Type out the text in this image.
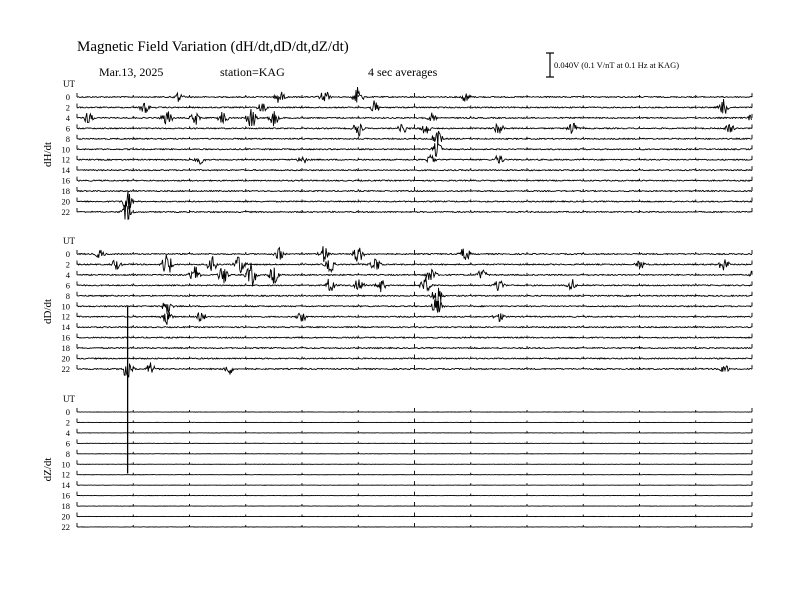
Magnetic Field Variation (dH/dt,dD/dt,dZ/dt)
Mar.13, 2025	station=KAG	4 sec averages	0.040V (0.1 V/nT at 0.1 Hz at KAG)
UT
dH/dt
0
2
4
6
8
10
12
14
16
18
20
22
UT
dD/dt
0
2
4
6
8
10
12
14
16
18
20
22
UT
dZ/dt
0
2
4
6
8
10
12
14
16
18
20
22
